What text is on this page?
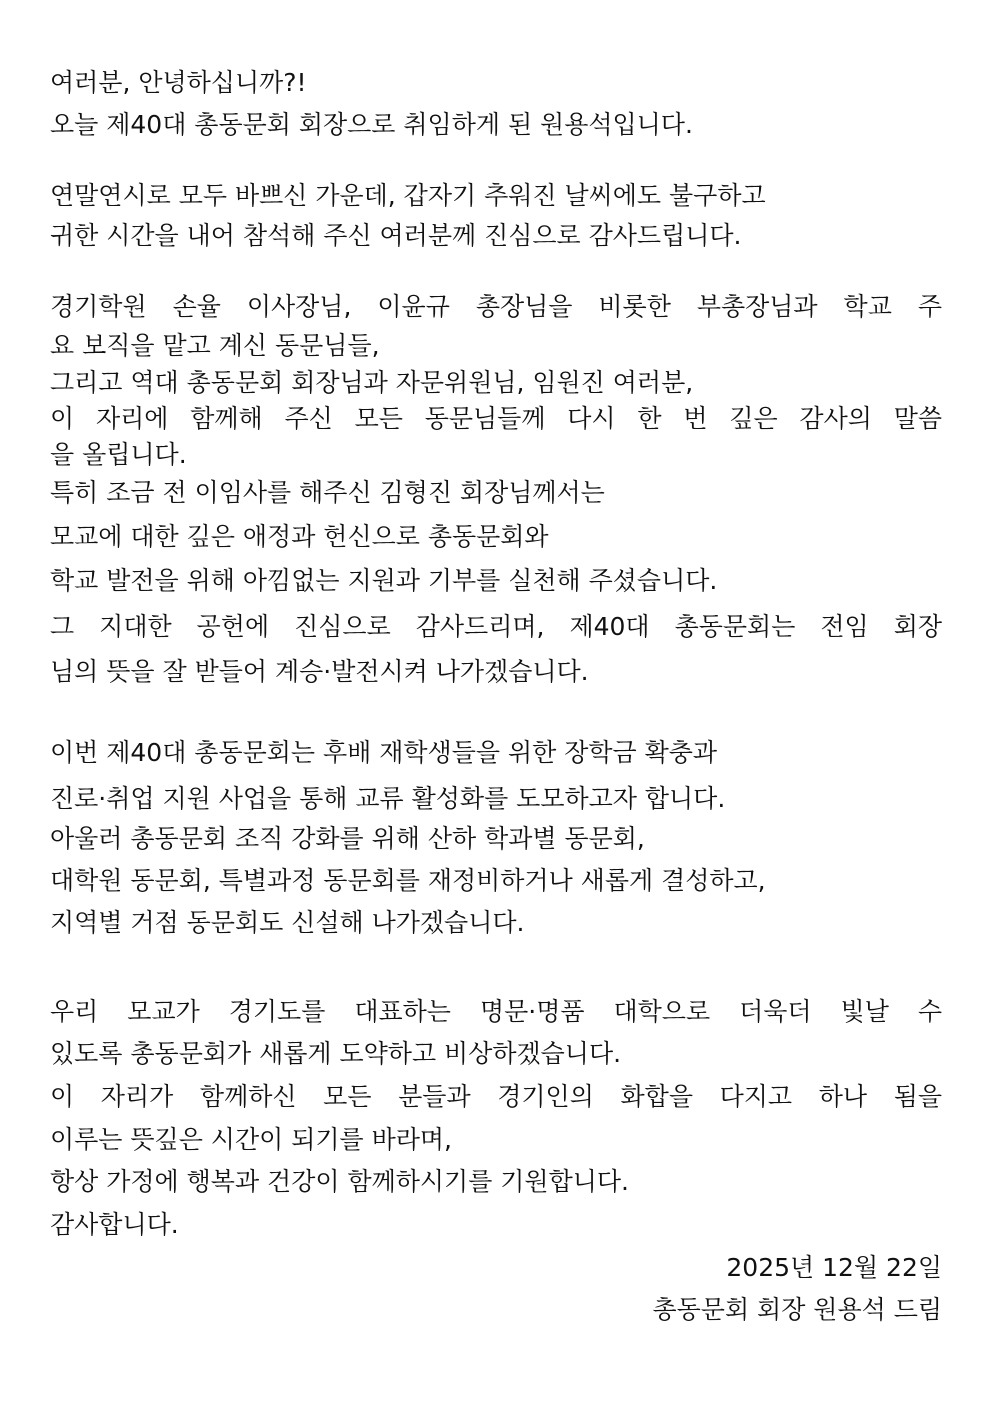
여러분, 안녕하십니까?!
오늘 제40대 총동문회 회장으로 취임하게 된 원용석입니다.
연말연시로 모두 바쁘신 가운데, 갑자기 추워진 날씨에도 불구하고
귀한 시간을 내어 참석해 주신 여러분께 진심으로 감사드립니다.
경기학원 손율 이사장님, 이윤규 총장님을 비롯한 부총장님과 학교 주
요 보직을 맡고 계신 동문님들,
그리고 역대 총동문회 회장님과 자문위원님, 임원진 여러분,
이 자리에 함께해 주신 모든 동문님들께 다시 한 번 깊은 감사의 말씀
을 올립니다.
특히 조금 전 이임사를 해주신 김형진 회장님께서는
모교에 대한 깊은 애정과 헌신으로 총동문회와
학교 발전을 위해 아낌없는 지원과 기부를 실천해 주셨습니다.
그 지대한 공헌에 진심으로 감사드리며, 제40대 총동문회는 전임 회장
님의 뜻을 잘 받들어 계승·발전시켜 나가겠습니다.
이번 제40대 총동문회는 후배 재학생들을 위한 장학금 확충과
진로·취업 지원 사업을 통해 교류 활성화를 도모하고자 합니다.
아울러 총동문회 조직 강화를 위해 산하 학과별 동문회,
대학원 동문회, 특별과정 동문회를 재정비하거나 새롭게 결성하고,
지역별 거점 동문회도 신설해 나가겠습니다.
우리 모교가 경기도를 대표하는 명문·명품 대학으로 더욱더 빛날 수
있도록 총동문회가 새롭게 도약하고 비상하겠습니다.
이 자리가 함께하신 모든 분들과 경기인의 화합을 다지고 하나 됨을
이루는 뜻깊은 시간이 되기를 바라며,
항상 가정에 행복과 건강이 함께하시기를 기원합니다.
감사합니다.
2025년 12월 22일
총동문회 회장 원용석 드림
